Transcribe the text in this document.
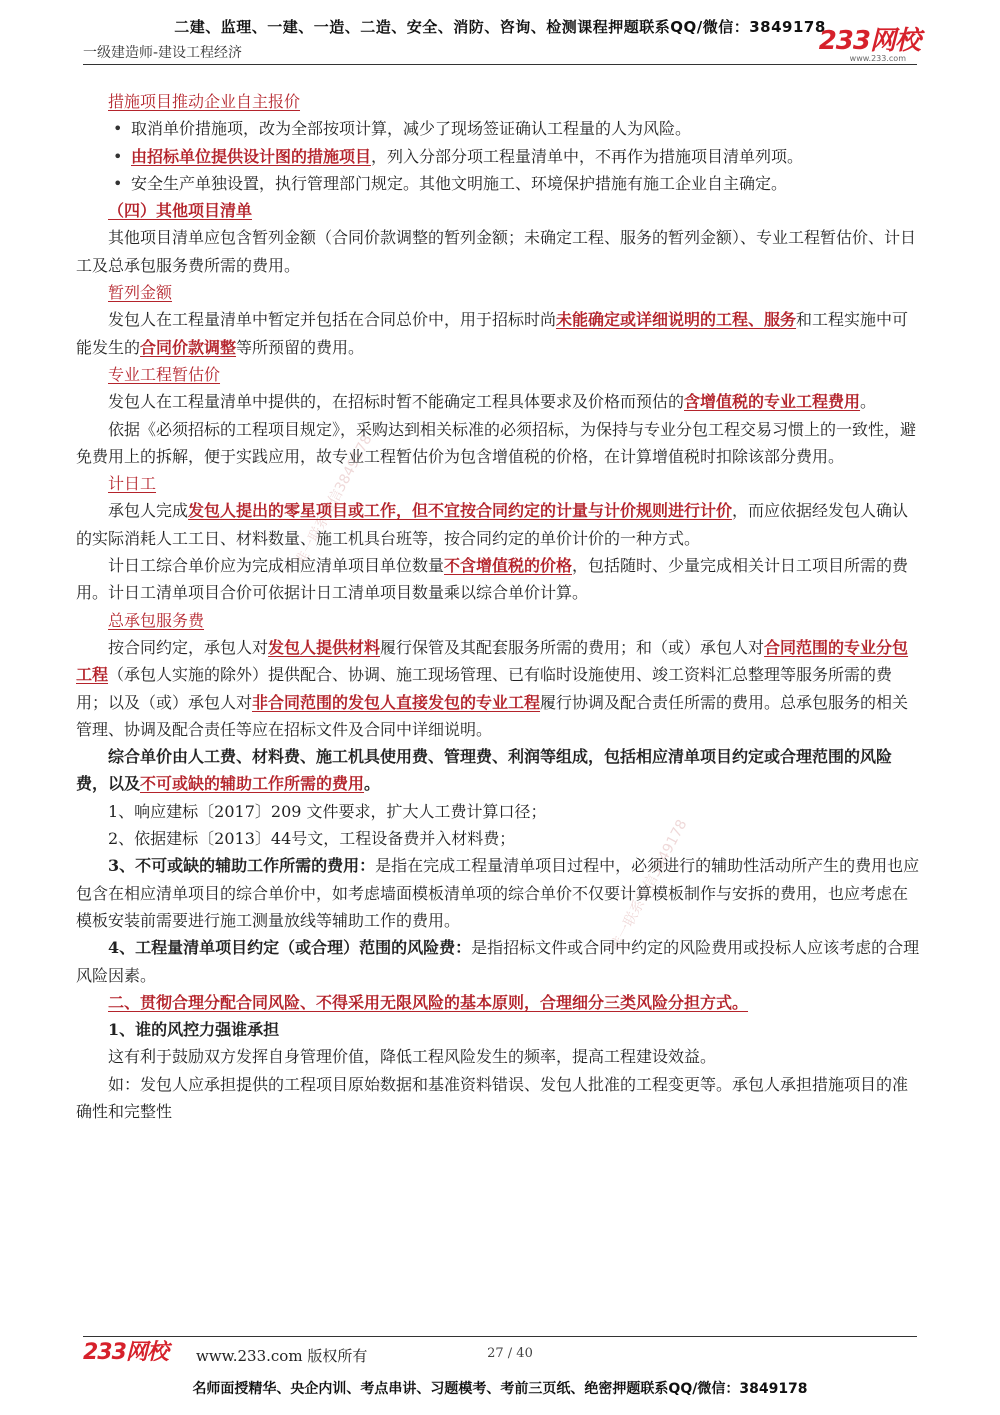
二建、监理、一建、一造、二造、安全、消防、咨询、检测课程押题联系QQ/微信：3849178
一级建造师-建设工程经济	233网校
www.233.com
唯一联系微信3849178
唯一联系微信3849178

措施项目推动企业自主报价

• 取消单价措施项，改为全部按项计算，减少了现场签证确认工程量的人为风险。

• 由招标单位提供设计图的措施项目，列入分部分项工程量清单中，不再作为措施项目清单列项。

• 安全生产单独设置，执行管理部门规定。其他文明施工、环境保护措施有施工企业自主确定。

（四）其他项目清单

其他项目清单应包含暂列金额（合同价款调整的暂列金额；未确定工程、服务的暂列金额）、专业工程暂估价、计日工及总承包服务费所需的费用。

暂列金额

发包人在工程量清单中暂定并包括在合同总价中，用于招标时尚未能确定或详细说明的工程、服务和工程实施中可能发生的合同价款调整等所预留的费用。

专业工程暂估价

发包人在工程量清单中提供的，在招标时暂不能确定工程具体要求及价格而预估的含增值税的专业工程费用。

依据《必须招标的工程项目规定》，采购达到相关标准的必须招标，为保持与专业分包工程交易习惯上的一致性，避免费用上的拆解，便于实践应用，故专业工程暂估价为包含增值税的价格，在计算增值税时扣除该部分费用。

计日工

承包人完成发包人提出的零星项目或工作，但不宜按合同约定的计量与计价规则进行计价，而应依据经发包人确认的实际消耗人工工日、材料数量、施工机具台班等，按合同约定的单价计价的一种方式。

计日工综合单价应为完成相应清单项目单位数量不含增值税的价格，包括随时、少量完成相关计日工项目所需的费用。计日工清单项目合价可依据计日工清单项目数量乘以综合单价计算。

总承包服务费

按合同约定，承包人对发包人提供材料履行保管及其配套服务所需的费用；和（或）承包人对合同范围的专业分包工程（承包人实施的除外）提供配合、协调、施工现场管理、已有临时设施使用、竣工资料汇总整理等服务所需的费用；以及（或）承包人对非合同范围的发包人直接发包的专业工程履行协调及配合责任所需的费用。总承包服务的相关管理、协调及配合责任等应在招标文件及合同中详细说明。

综合单价由人工费、材料费、施工机具使用费、管理费、利润等组成，包括相应清单项目约定或合理范围的风险费，以及不可或缺的辅助工作所需的费用。

1、响应建标〔2017〕209 文件要求，扩大人工费计算口径；

2、依据建标〔2013〕44号文，工程设备费并入材料费；

3、不可或缺的辅助工作所需的费用：是指在完成工程量清单项目过程中，必须进行的辅助性活动所产生的费用也应包含在相应清单项目的综合单价中，如考虑墙面模板清单项的综合单价不仅要计算模板制作与安拆的费用，也应考虑在模板安装前需要进行施工测量放线等辅助工作的费用。

4、工程量清单项目约定（或合理）范围的风险费：是指招标文件或合同中约定的风险费用或投标人应该考虑的合理风险因素。

二、贯彻合理分配合同风险、不得采用无限风险的基本原则，合理细分三类风险分担方式。

1、谁的风控力强谁承担

这有利于鼓励双方发挥自身管理价值，降低工程风险发生的频率，提高工程建设效益。

如：发包人应承担提供的工程项目原始数据和基准资料错误、发包人批准的工程变更等。承包人承担措施项目的准确性和完整性

233网校 www.233.com 版权所有	27 / 40
名师面授精华、央企内训、考点串讲、习题模考、考前三页纸、绝密押题联系QQ/微信：3849178
